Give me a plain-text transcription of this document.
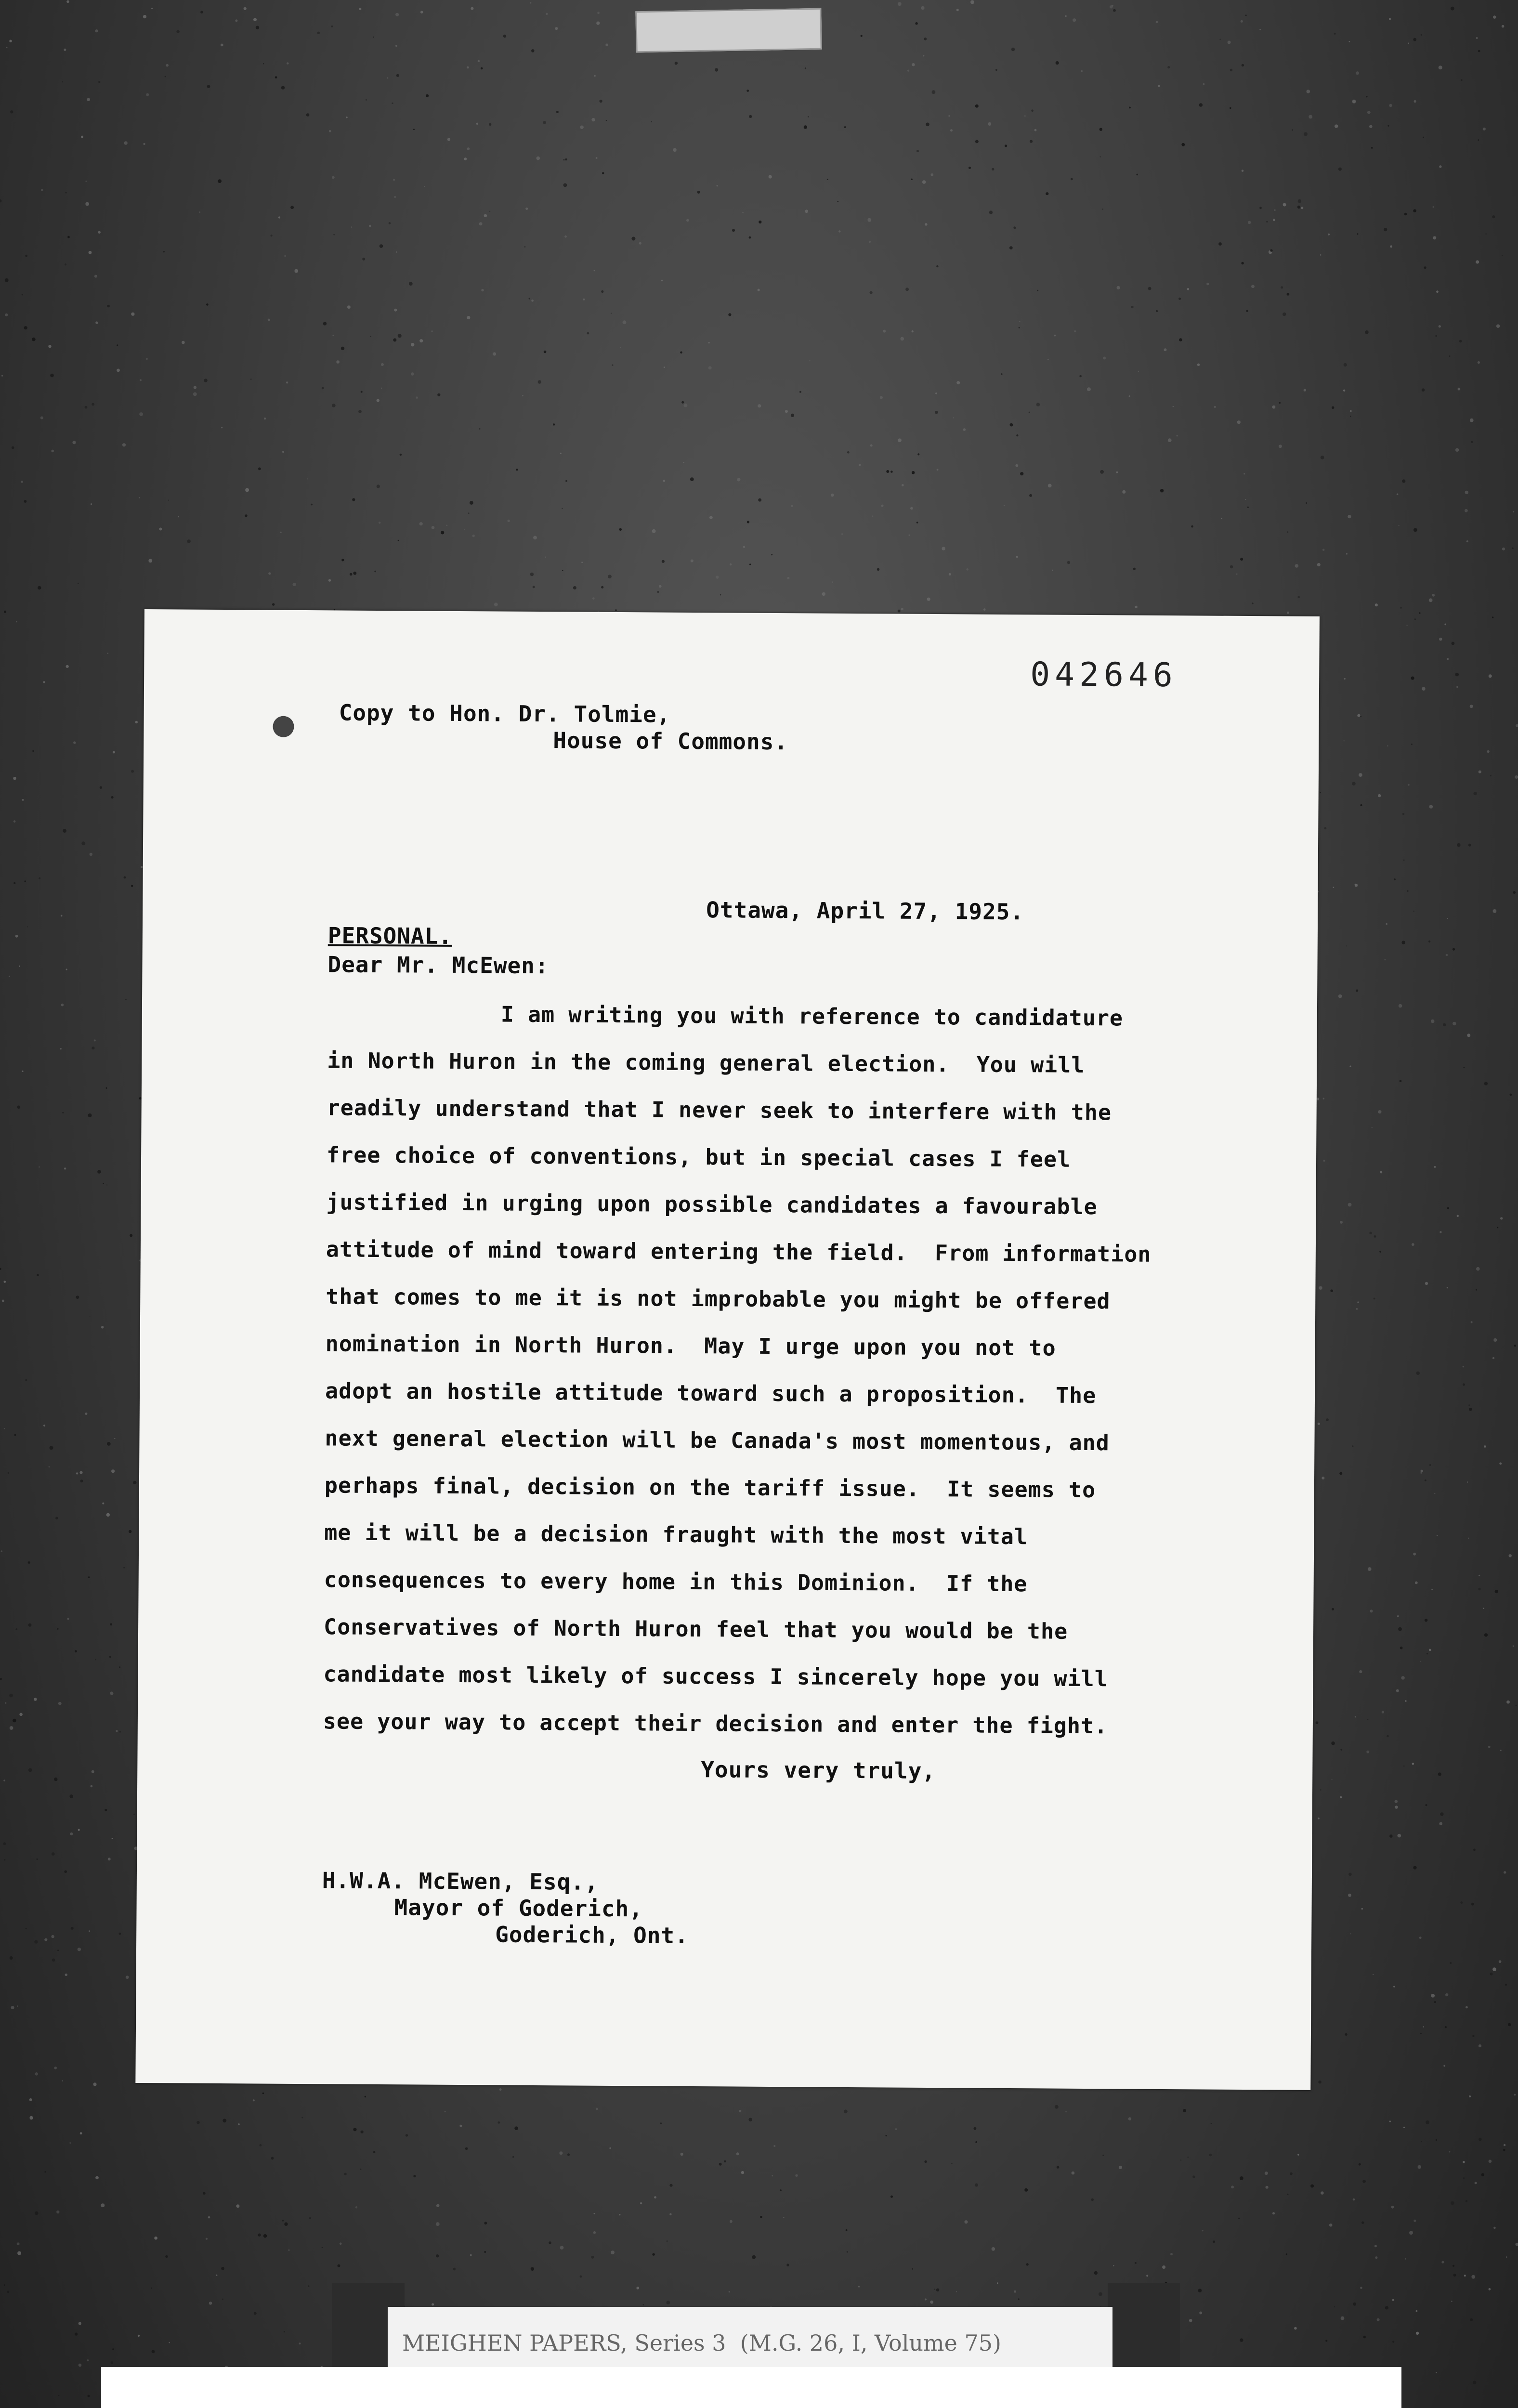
042646
Copy to Hon. Dr. Tolmie,
House of Commons.
Ottawa, April 27, 1925.
PERSONAL.
Dear Mr. McEwen:
I am writing you with reference to candidature
in North Huron in the coming general election.  You will
readily understand that I never seek to interfere with the
free choice of conventions, but in special cases I feel
justified in urging upon possible candidates a favourable
attitude of mind toward entering the field.  From information
that comes to me it is not improbable you might be offered
nomination in North Huron.  May I urge upon you not to
adopt an hostile attitude toward such a proposition.  The
next general election will be Canada's most momentous, and
perhaps final, decision on the tariff issue.  It seems to
me it will be a decision fraught with the most vital
consequences to every home in this Dominion.  If the
Conservatives of North Huron feel that you would be the
candidate most likely of success I sincerely hope you will
see your way to accept their decision and enter the fight.
Yours very truly,
H.W.A. McEwen, Esq.,
Mayor of Goderich,
Goderich, Ont.
MEIGHEN PAPERS, Series 3  (M.G. 26, I, Volume 75)
